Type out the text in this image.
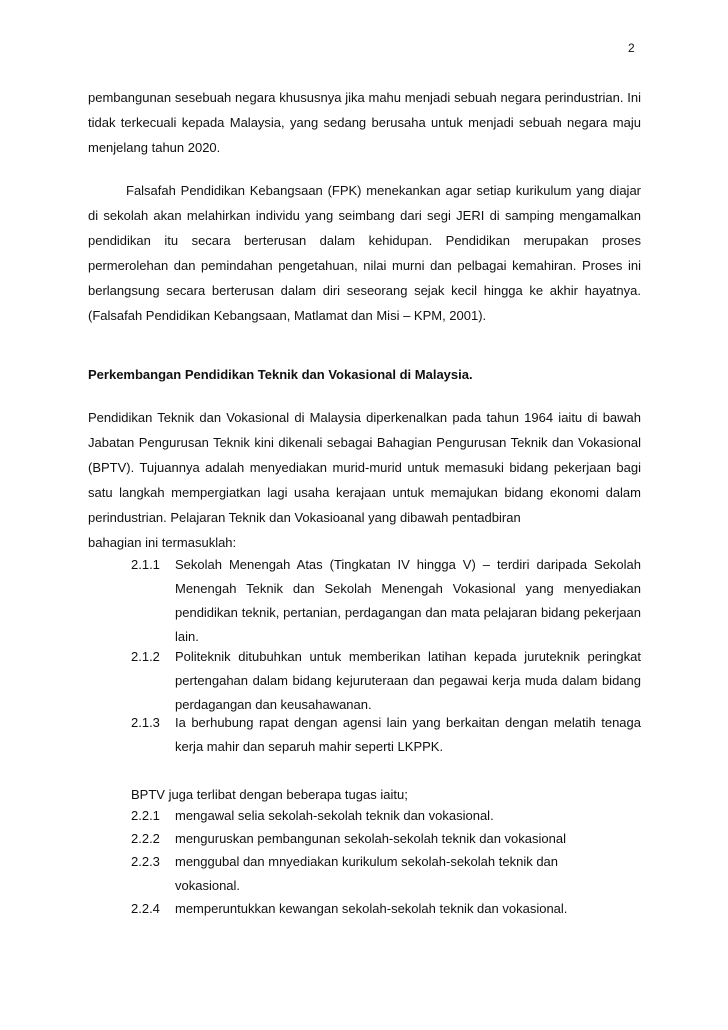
2
pembangunan sesebuah negara khususnya jika mahu menjadi sebuah negara perindustrian. Ini tidak terkecuali kepada Malaysia, yang sedang berusaha untuk menjadi sebuah negara maju menjelang tahun 2020.
Falsafah Pendidikan Kebangsaan (FPK) menekankan agar setiap kurikulum yang diajar di sekolah akan melahirkan individu yang seimbang dari segi JERI di samping mengamalkan pendidikan itu secara berterusan dalam kehidupan. Pendidikan merupakan proses permerolehan dan pemindahan pengetahuan, nilai murni dan pelbagai kemahiran. Proses ini berlangsung secara berterusan dalam diri seseorang sejak kecil hingga ke akhir hayatnya. (Falsafah Pendidikan Kebangsaan, Matlamat dan Misi – KPM, 2001).
Perkembangan Pendidikan Teknik dan Vokasional di Malaysia.
Pendidikan Teknik dan Vokasional di Malaysia diperkenalkan pada tahun 1964 iaitu di bawah Jabatan Pengurusan Teknik kini dikenali sebagai Bahagian Pengurusan Teknik dan Vokasional (BPTV). Tujuannya adalah menyediakan murid-murid untuk memasuki bidang pekerjaan bagi satu langkah mempergiatkan lagi usaha kerajaan untuk memajukan bidang ekonomi dalam perindustrian. Pelajaran Teknik dan Vokasioanal yang dibawah pentadbiran
bahagian ini termasuklah:
2.1.1 Sekolah Menengah Atas (Tingkatan IV hingga V) – terdiri daripada Sekolah Menengah Teknik dan Sekolah Menengah Vokasional yang menyediakan pendidikan teknik, pertanian, perdagangan dan mata pelajaran bidang pekerjaan lain.
2.1.2 Politeknik ditubuhkan untuk memberikan latihan kepada juruteknik peringkat pertengahan dalam bidang kejuruteraan dan pegawai kerja muda dalam bidang perdagangan dan keusahawanan.
2.1.3 Ia berhubung rapat dengan agensi lain yang berkaitan dengan melatih tenaga kerja mahir dan separuh mahir seperti LKPPK.
BPTV juga terlibat dengan beberapa tugas iaitu;
2.2.1 mengawal selia sekolah-sekolah teknik dan vokasional.
2.2.2 menguruskan pembangunan sekolah-sekolah teknik dan vokasional
2.2.3 menggubal dan mnyediakan kurikulum sekolah-sekolah teknik dan vokasional.
2.2.4 memperuntukkan kewangan sekolah-sekolah teknik dan vokasional.
